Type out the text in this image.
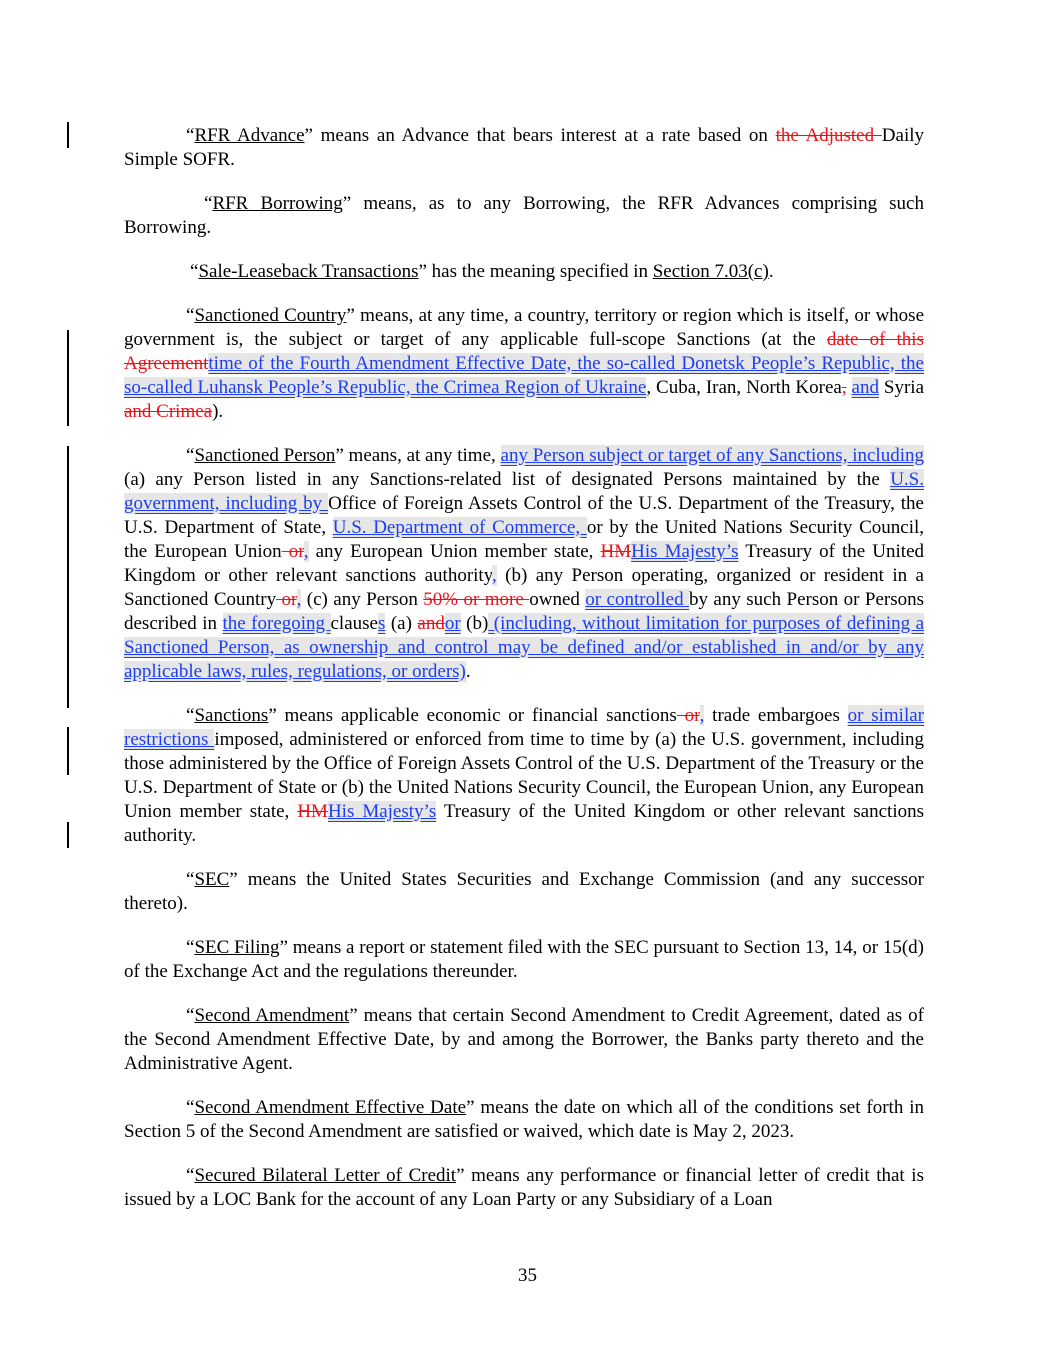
“RFR Advance” means an Advance that bears interest at a rate based on the Adjusted Daily Simple SOFR.

“RFR Borrowing” means, as to any Borrowing, the RFR Advances comprising such Borrowing.

“Sale-Leaseback Transactions” has the meaning specified in Section 7.03(c).

“Sanctioned Country” means, at any time, a country, territory or region which is itself, or whose government is, the subject or target of any applicable full-scope Sanctions (at the date of this Agreementtime of the Fourth Amendment Effective Date, the so-called Donetsk People’s Republic, the so-called Luhansk People’s Republic, the Crimea Region of Ukraine, Cuba, Iran, North Korea, and Syria and Crimea).

“Sanctioned Person” means, at any time, any Person subject or target of any Sanctions, including (a) any Person listed in any Sanctions-related list of designated Persons maintained by the U.S. government, including by Office of Foreign Assets Control of the U.S. Department of the Treasury, the U.S. Department of State, U.S. Department of Commerce, or by the United Nations Security Council, the European Union or, any European Union member state, HMHis Majesty’s Treasury of the United Kingdom or other relevant sanctions authority, (b) any Person operating, organized or resident in a Sanctioned Country or, (c) any Person 50% or more owned or controlled by any such Person or Persons described in the foregoing clauses (a) andor (b) (including, without limitation for purposes of defining a Sanctioned Person, as ownership and control may be defined and/or established in and/or by any applicable laws, rules, regulations, or orders).

“Sanctions” means applicable economic or financial sanctions or, trade embargoes or similar restrictions imposed, administered or enforced from time to time by (a) the U.S. government, including those administered by the Office of Foreign Assets Control of the U.S. Department of the Treasury or the U.S. Department of State or (b) the United Nations Security Council, the European Union, any European Union member state, HMHis Majesty’s Treasury of the United Kingdom or other relevant sanctions authority.

“SEC” means the United States Securities and Exchange Commission (and any successor thereto).

“SEC Filing” means a report or statement filed with the SEC pursuant to Section 13, 14, or 15(d) of the Exchange Act and the regulations thereunder.

“Second Amendment” means that certain Second Amendment to Credit Agreement, dated as of the Second Amendment Effective Date, by and among the Borrower, the Banks party thereto and the Administrative Agent.

“Second Amendment Effective Date” means the date on which all of the conditions set forth in Section 5 of the Second Amendment are satisfied or waived, which date is May 2, 2023.

“Secured Bilateral Letter of Credit” means any performance or financial letter of credit that is issued by a LOC Bank for the account of any Loan Party or any Subsidiary of a Loan

35
